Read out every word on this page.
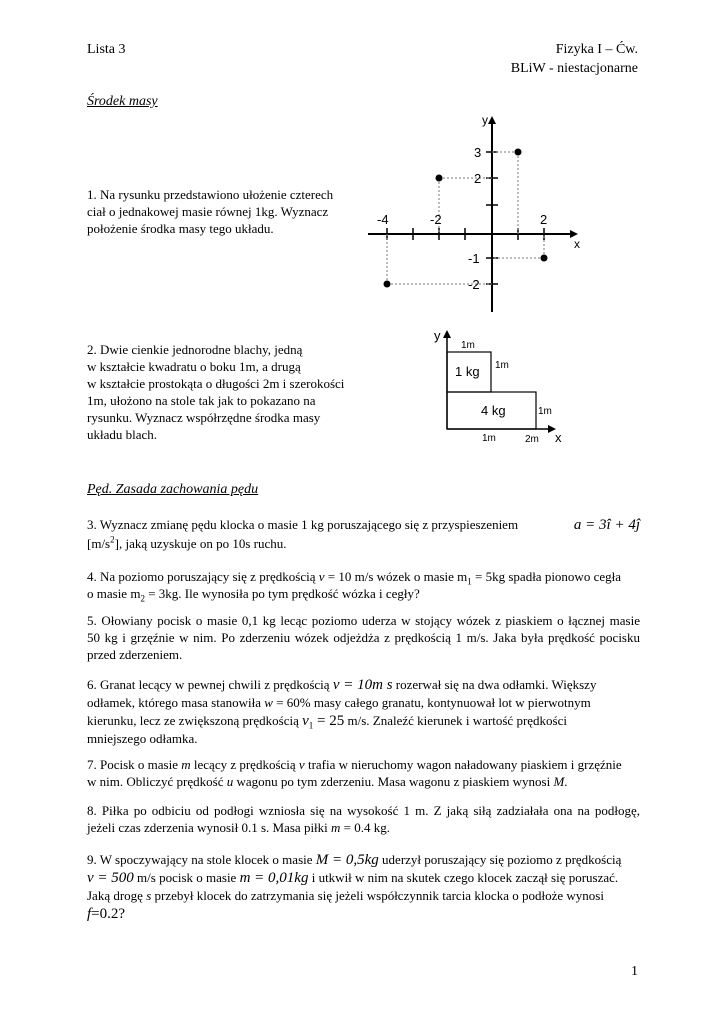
Lista 3	Fizyka I – Ćw.
BLiW - niestacjonarne
Środek masy
1. Na rysunku przedstawiono ułożenie czterech
ciał o jednakowej masie równej 1kg. Wyznacz
położenie środka masy tego układu.
y
x
-4	-2	2
3
2
-1
-2
2. Dwie cienkie jednorodne blachy, jedną
w kształcie kwadratu o boku 1m, a drugą
w kształcie prostokąta o długości 2m i szerokości
1m, ułożono na stole tak jak to pokazano na
rysunku. Wyznacz współrzędne środka masy
układu blach.
y
x
1m
1m
1 kg
4 kg	1m
1m	2m
Pęd. Zasada zachowania pędu
3. Wyznacz zmianę pędu klocka o masie 1 kg poruszającego się z przyspieszeniem	a = 3î + 4ĵ
$[m/s^2]$, jaką uzyskuje on po 10s ruchu.
4. Na poziomo poruszający się z prędkością v = 10 m/s wózek o masie $m_1 = 5kg$ spadła pionowo cegła
o masie $m_2 = 3kg$. Ile wynosiła po tym prędkość wózka i cegły?
5. Ołowiany pocisk o masie 0,1 kg lecąc poziomo uderza w stojący wózek z piaskiem o łącznej masie
50 kg i grzęźnie w nim. Po zderzeniu wózek odjeżdża z prędkością 1 m/s. Jaka była prędkość pocisku
przed zderzeniem.
6. Granat lecący w pewnej chwili z prędkością v = 10m s rozerwał się na dwa odłamki. Większy
odłamek, którego masa stanowiła w = 60% masy całego granatu, kontynuował lot w pierwotnym
kierunku, lecz ze zwiększoną prędkością $v_1 = 25$ m/s. Znaleźć kierunek i wartość prędkości
mniejszego odłamka.
7. Pocisk o masie m lecący z prędkością v trafia w nieruchomy wagon naładowany piaskiem i grzęźnie
w nim. Obliczyć prędkość u wagonu po tym zderzeniu. Masa wagonu z piaskiem wynosi M.
8. Piłka po odbiciu od podłogi wzniosła się na wysokość 1 m. Z jaką siłą zadziałała ona na podłogę,
jeżeli czas zderzenia wynosił 0.1 s. Masa piłki m = 0.4 kg.
9. W spoczywający na stole klocek o masie M = 0,5kg uderzył poruszający się poziomo z prędkością
v = 500 m/s pocisk o masie m = 0,01kg i utkwił w nim na skutek czego klocek zaczął się poruszać.
Jaką drogę s przebył klocek do zatrzymania się jeżeli współczynnik tarcia klocka o podłoże wynosi
f=0.2?
1
